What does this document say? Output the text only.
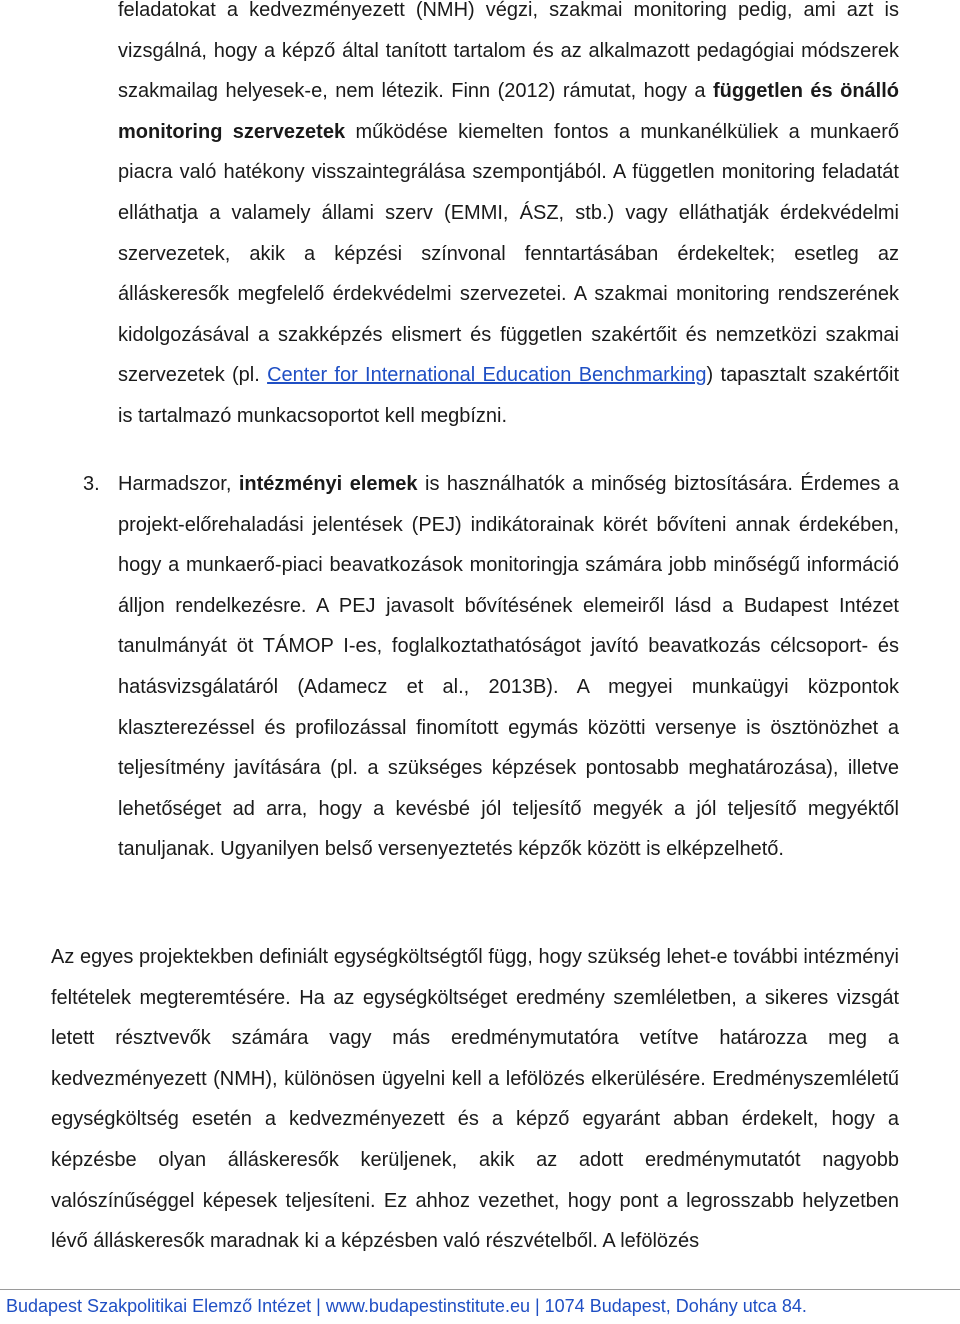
feladatokat a kedvezményezett (NMH) végzi, szakmai monitoring pedig, ami azt is vizsgálná, hogy a képző által tanított tartalom és az alkalmazott pedagógiai módszerek szakmailag helyesek-e, nem létezik. Finn (2012) rámutat, hogy a független és önálló monitoring szervezetek működése kiemelten fontos a munkanélküliek a munkaerő piacra való hatékony visszaintegrálása szempontjából. A független monitoring feladatát elláthatja a valamely állami szerv (EMMI, ÁSZ, stb.) vagy elláthatják érdekvédelmi szervezetek, akik a képzési színvonal fenntartásában érdekeltek; esetleg az álláskeresők megfelelő érdekvédelmi szervezetei. A szakmai monitoring rendszerének kidolgozásával a szakképzés elismert és független szakértőit és nemzetközi szakmai szervezetek (pl. Center for International Education Benchmarking) tapasztalt szakértőit is tartalmazó munkacsoportot kell megbízni.

3. Harmadszor, intézményi elemek is használhatók a minőség biztosítására. Érdemes a projekt-előrehaladási jelentések (PEJ) indikátorainak körét bővíteni annak érdekében, hogy a munkaerő-piaci beavatkozások monitoringja számára jobb minőségű információ álljon rendelkezésre. A PEJ javasolt bővítésének elemeiről lásd a Budapest Intézet tanulmányát öt TÁMOP I-es, foglalkoztathatóságot javító beavatkozás célcsoport- és hatásvizsgálatáról (Adamecz et al., 2013B). A megyei munkaügyi központok klaszterezéssel és profilozással finomított egymás közötti versenye is ösztönözhet a teljesítmény javítására (pl. a szükséges képzések pontosabb meghatározása), illetve lehetőséget ad arra, hogy a kevésbé jól teljesítő megyék a jól teljesítő megyéktől tanuljanak. Ugyanilyen belső versenyeztetés képzők között is elképzelhető.

Az egyes projektekben definiált egységköltségtől függ, hogy szükség lehet-e további intézményi feltételek megteremtésére. Ha az egységköltséget eredmény szemléletben, a sikeres vizsgát letett résztvevők számára vagy más eredménymutatóra vetítve határozza meg a kedvezményezett (NMH), különösen ügyelni kell a lefölözés elkerülésére. Eredményszemléletű egységköltség esetén a kedvezményezett és a képző egyaránt abban érdekelt, hogy a képzésbe olyan álláskeresők kerüljenek, akik az adott eredménymutatót nagyobb valószínűséggel képesek teljesíteni. Ez ahhoz vezethet, hogy pont a legrosszabb helyzetben lévő álláskeresők maradnak ki a képzésben való részvételből. A lefölözés

Budapest Szakpolitikai Elemző Intézet | www.budapestinstitute.eu | 1074 Budapest, Dohány utca 84.
